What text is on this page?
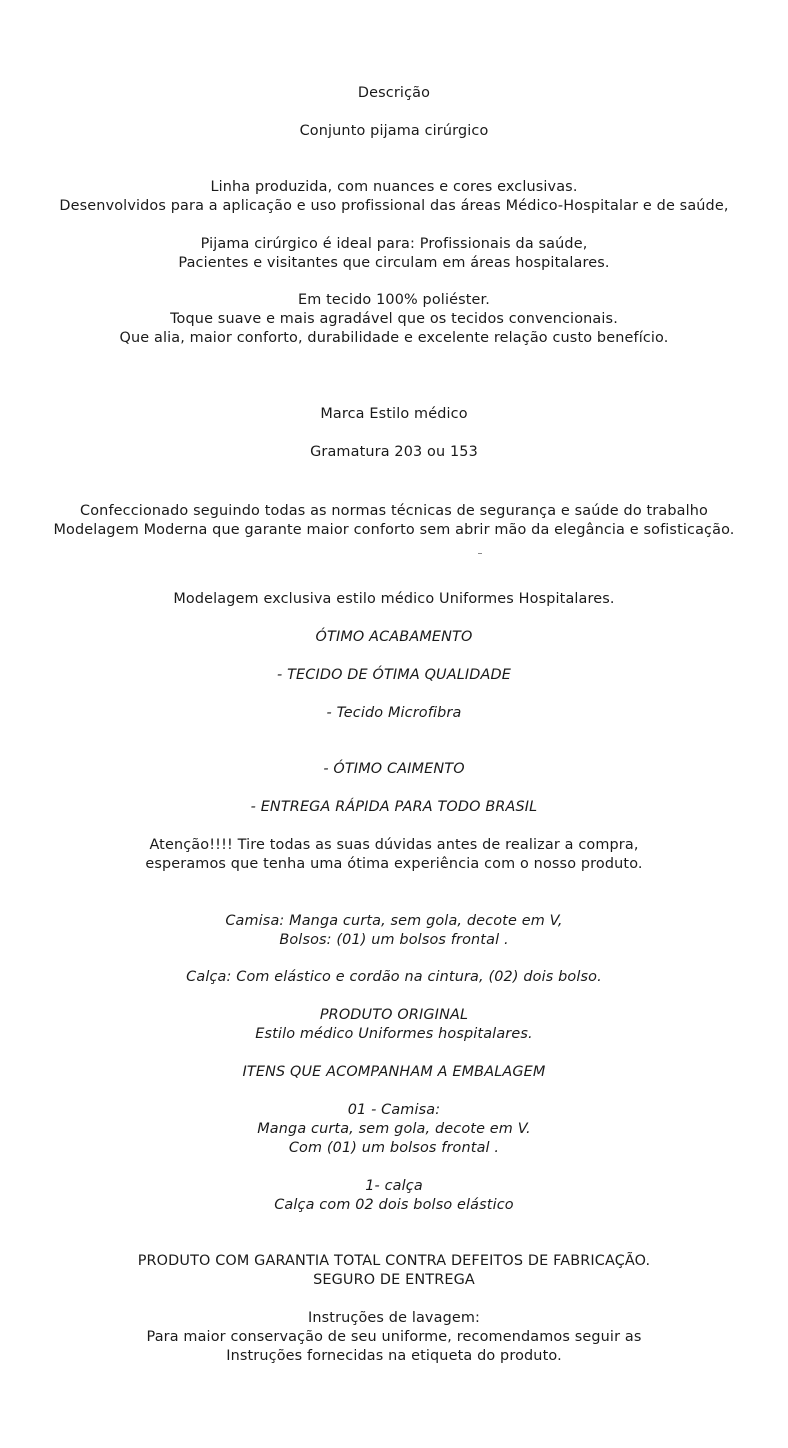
Descrição
Conjunto pijama cirúrgico
Linha produzida, com nuances e cores exclusivas.
Desenvolvidos para a aplicação e uso profissional das áreas Médico-Hospitalar e de saúde,
Pijama cirúrgico é ideal para: Profissionais da saúde,
Pacientes e visitantes que circulam em áreas hospitalares.
Em tecido 100% poliéster.
Toque suave e mais agradável que os tecidos convencionais.
Que alia, maior conforto, durabilidade e excelente relação custo benefício.
Marca Estilo médico
Gramatura 203 ou 153
Confeccionado seguindo todas as normas técnicas de segurança e saúde do trabalho
Modelagem Moderna que garante maior conforto sem abrir mão da elegância e sofisticação.
Modelagem exclusiva estilo médico Uniformes Hospitalares.
ÓTIMO ACABAMENTO
- TECIDO DE ÓTIMA QUALIDADE
- Tecido Microfibra
- ÓTIMO CAIMENTO
- ENTREGA RÁPIDA PARA TODO BRASIL
Atenção!!!! Tire todas as suas dúvidas antes de realizar a compra,
esperamos que tenha uma ótima experiência com o nosso produto.
Camisa: Manga curta, sem gola, decote em V,
Bolsos: (01) um bolsos frontal .
Calça: Com elástico e cordão na cintura, (02) dois bolso.
PRODUTO ORIGINAL
Estilo médico Uniformes hospitalares.
ITENS QUE ACOMPANHAM A EMBALAGEM
01 - Camisa:
Manga curta, sem gola, decote em V.
Com (01) um bolsos frontal .
1- calça
Calça com 02 dois bolso elástico
PRODUTO COM GARANTIA TOTAL CONTRA DEFEITOS DE FABRICAÇÃO.
SEGURO DE ENTREGA
Instruções de lavagem:
Para maior conservação de seu uniforme, recomendamos seguir as
Instruções fornecidas na etiqueta do produto.
